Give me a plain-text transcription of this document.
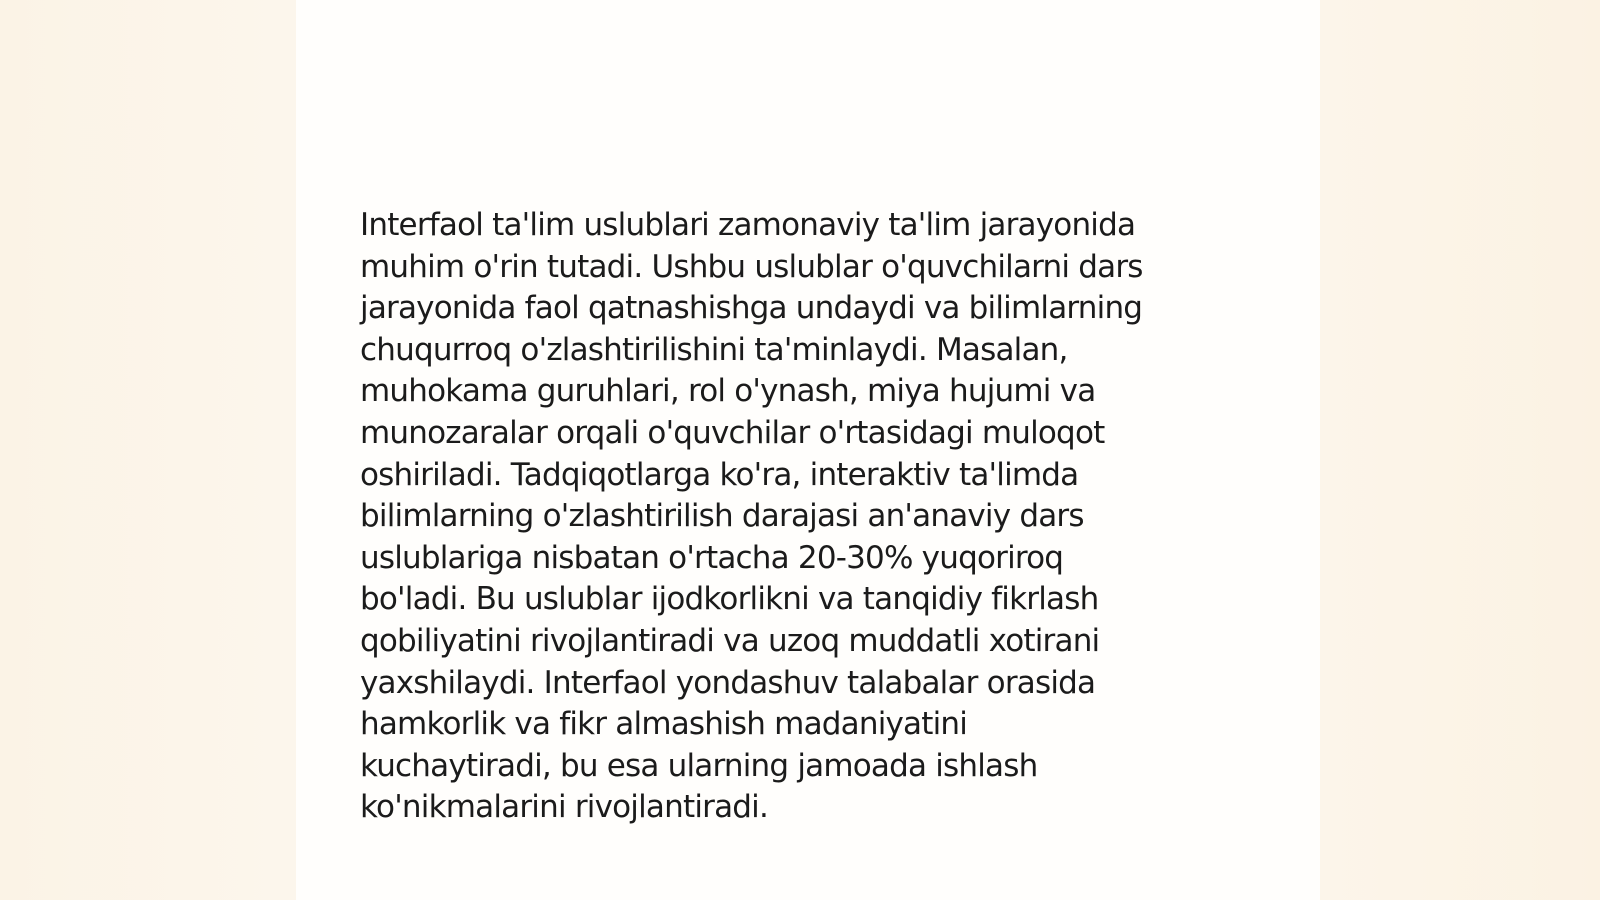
Interfaol ta'lim uslublari zamonaviy ta'lim jarayonida
muhim o'rin tutadi. Ushbu uslublar o'quvchilarni dars
jarayonida faol qatnashishga undaydi va bilimlarning
chuqurroq o'zlashtirilishini ta'minlaydi. Masalan,
muhokama guruhlari, rol o'ynash, miya hujumi va
munozaralar orqali o'quvchilar o'rtasidagi muloqot
oshiriladi. Tadqiqotlarga ko'ra, interaktiv ta'limda
bilimlarning o'zlashtirilish darajasi an'anaviy dars
uslublariga nisbatan o'rtacha 20-30% yuqoriroq
bo'ladi. Bu uslublar ijodkorlikni va tanqidiy fikrlash
qobiliyatini rivojlantiradi va uzoq muddatli xotirani
yaxshilaydi. Interfaol yondashuv talabalar orasida
hamkorlik va fikr almashish madaniyatini
kuchaytiradi, bu esa ularning jamoada ishlash
ko'nikmalarini rivojlantiradi.
